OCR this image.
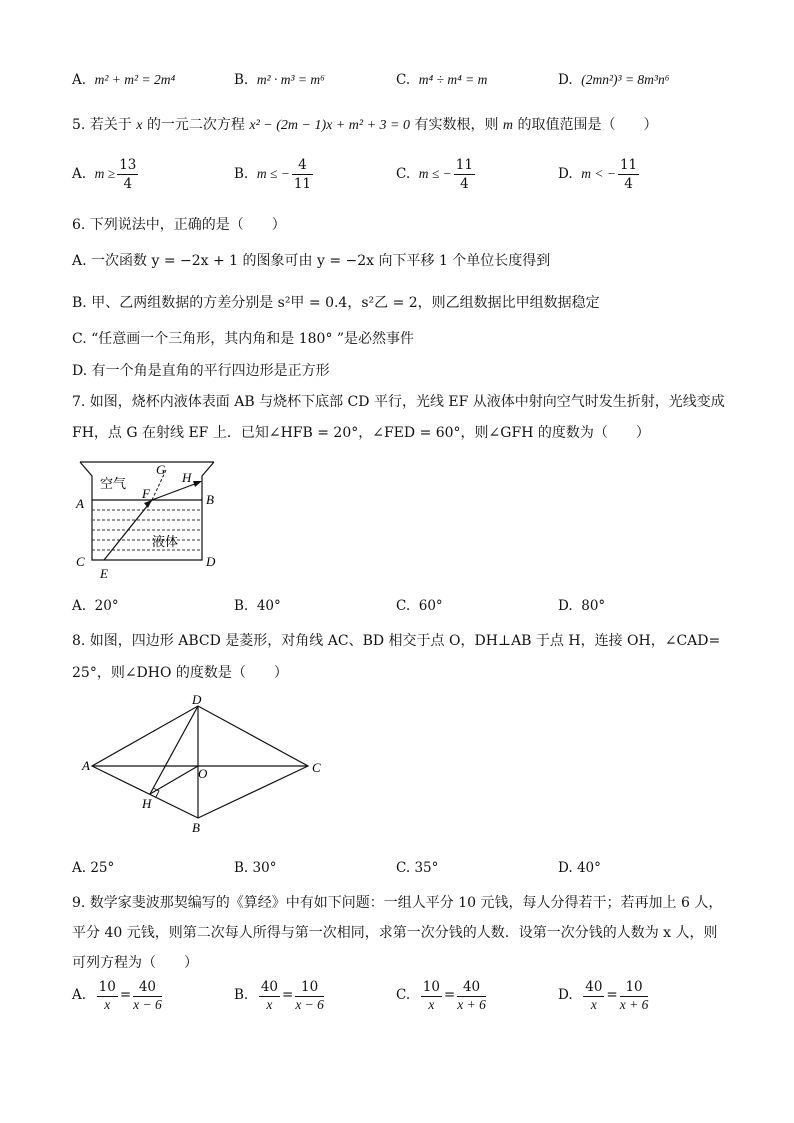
A. m² + m² = 2m⁴	B. m² · m³ = m⁶	C. m⁴ ÷ m⁴ = m	D. (2mn²)³ = 8m³n⁶
5. 若关于 x 的一元二次方程 x² − (2m − 1)x + m² + 3 = 0 有实数根，则 m 的取值范围是（　　）
A. $m \ge \frac{13}{4}$	B. m ≤ − $\frac{4}{11}$	C. m ≤ − $\frac{11}{4}$	D. m < − $\frac{11}{4}$
6. 下列说法中，正确的是（　　）
A. 一次函数 y = −2x + 1 的图象可由 y = −2x 向下平移 1 个单位长度得到
B. 甲、乙两组数据的方差分别是 s²甲 = 0.4，s²乙 = 2，则乙组数据比甲组数据稳定
C. “任意画一个三角形，其内角和是 180° ”是必然事件
D. 有一个角是直角的平行四边形是正方形
7. 如图，烧杯内液体表面 AB 与烧杯下底部 CD 平行，光线 EF 从液体中射向空气时发生折射，光线变成
FH，点 G 在射线 EF 上．已知∠HFB = 20°，∠FED = 60°，则∠GFH 的度数为（　　）
空气
液体
A	B
C	D
E
F
G
H
A. 20°	B. 40°	C. 60°	D. 80°
8. 如图，四边形 ABCD 是菱形，对角线 AC、BD 相交于点 O，DH⊥AB 于点 H，连接 OH，∠CAD=
25°，则∠DHO 的度数是（　　）
A
D
C
B
O
H
A. 25°	B. 30°	C. 35°	D. 40°
9. 数学家斐波那契编写的《算经》中有如下问题：一组人平分 10 元钱，每人分得若干；若再加上 6 人，
平分 40 元钱，则第二次每人所得与第一次相同，求第一次分钱的人数．设第一次分钱的人数为 x 人，则
可列方程为（　　）
A. $\frac{10}{x} = \frac{40}{x - 6}$	B. $\frac{40}{x} = \frac{10}{x - 6}$	C. $\frac{10}{x} = \frac{40}{x + 6}$	D. $\frac{40}{x} = \frac{10}{x + 6}$
